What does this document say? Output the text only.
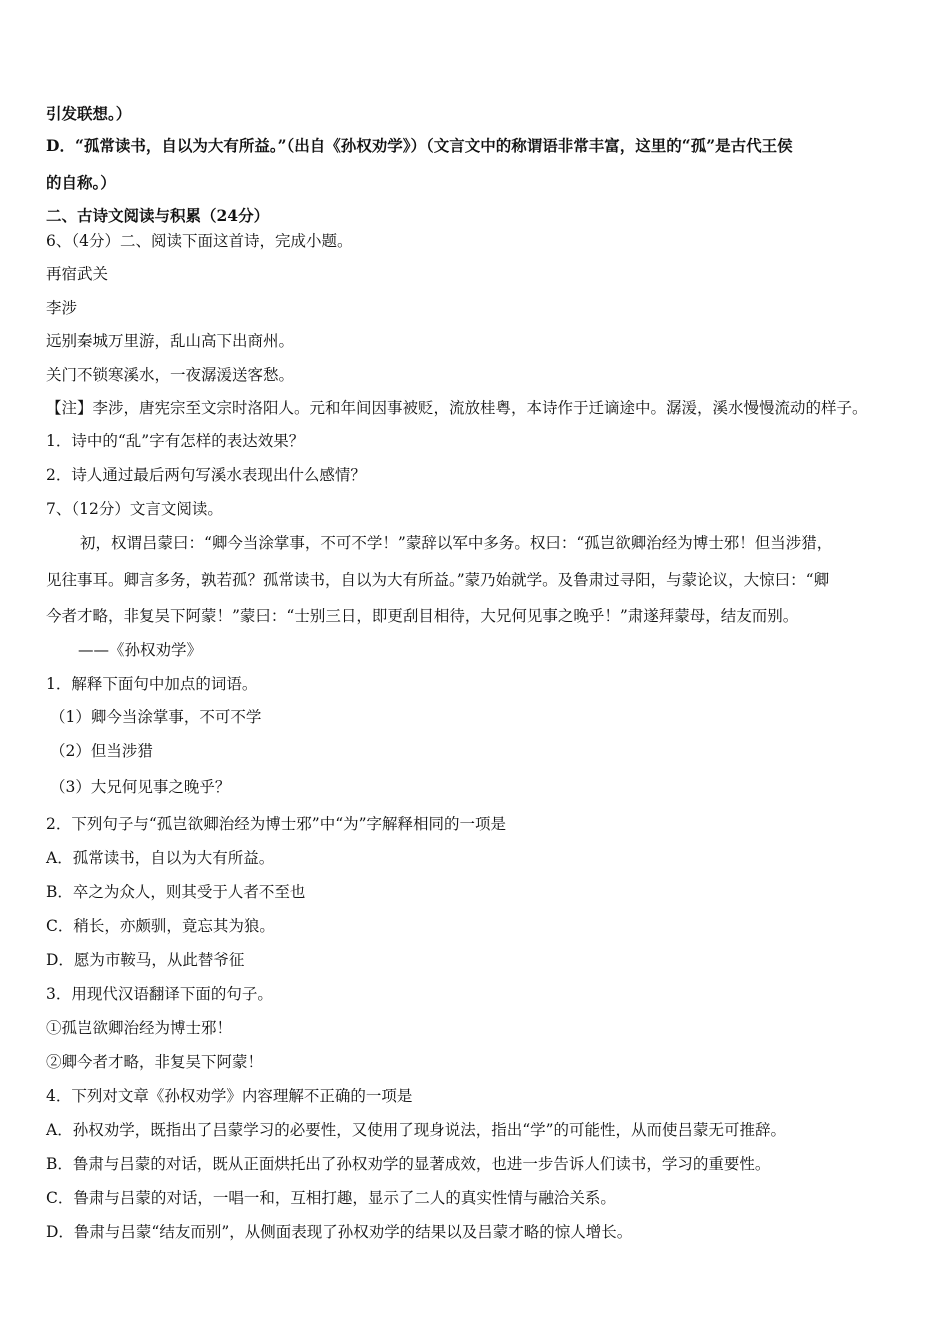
引发联想。）
D．“孤常读书，自以为大有所益。”（出自《孙权劝学》）（文言文中的称谓语非常丰富，这里的“孤”是古代王侯
的自称。）
二、古诗文阅读与积累（24分）
6、（4分）二、阅读下面这首诗，完成小题。
再宿武关
李涉
远别秦城万里游，乱山高下出商州。
关门不锁寒溪水，一夜潺湲送客愁。
【注】李涉，唐宪宗至文宗时洛阳人。元和年间因事被贬，流放桂粤，本诗作于迁谪途中。潺湲，溪水慢慢流动的样子。
1．诗中的“乱”字有怎样的表达效果？
2．诗人通过最后两句写溪水表现出什么感情？
7、（12分）文言文阅读。
初，权谓吕蒙曰：“卿今当涂掌事，不可不学！”蒙辞以军中多务。权曰：“孤岂欲卿治经为博士邪！但当涉猎，
见往事耳。卿言多务，孰若孤？孤常读书，自以为大有所益。”蒙乃始就学。及鲁肃过寻阳，与蒙论议，大惊曰：“卿
今者才略，非复吴下阿蒙！”蒙曰：“士别三日，即更刮目相待，大兄何见事之晚乎！”肃遂拜蒙母，结友而别。
——《孙权劝学》
1．解释下面句中加点的词语。
（1）卿今当涂掌事，不可不学
（2）但当涉猎
（3）大兄何见事之晚乎？
2．下列句子与“孤岂欲卿治经为博士邪”中“为”字解释相同的一项是
A．孤常读书，自以为大有所益。
B．卒之为众人，则其受于人者不至也
C．稍长，亦颇驯，竟忘其为狼。
D．愿为市鞍马，从此替爷征
3．用现代汉语翻译下面的句子。
①孤岂欲卿治经为博士邪！
②卿今者才略，非复吴下阿蒙！
4．下列对文章《孙权劝学》内容理解不正确的一项是
A．孙权劝学，既指出了吕蒙学习的必要性，又使用了现身说法，指出“学”的可能性，从而使吕蒙无可推辞。
B．鲁肃与吕蒙的对话，既从正面烘托出了孙权劝学的显著成效，也进一步告诉人们读书，学习的重要性。
C．鲁肃与吕蒙的对话，一唱一和，互相打趣，显示了二人的真实性情与融洽关系。
D．鲁肃与吕蒙“结友而别”，从侧面表现了孙权劝学的结果以及吕蒙才略的惊人增长。
